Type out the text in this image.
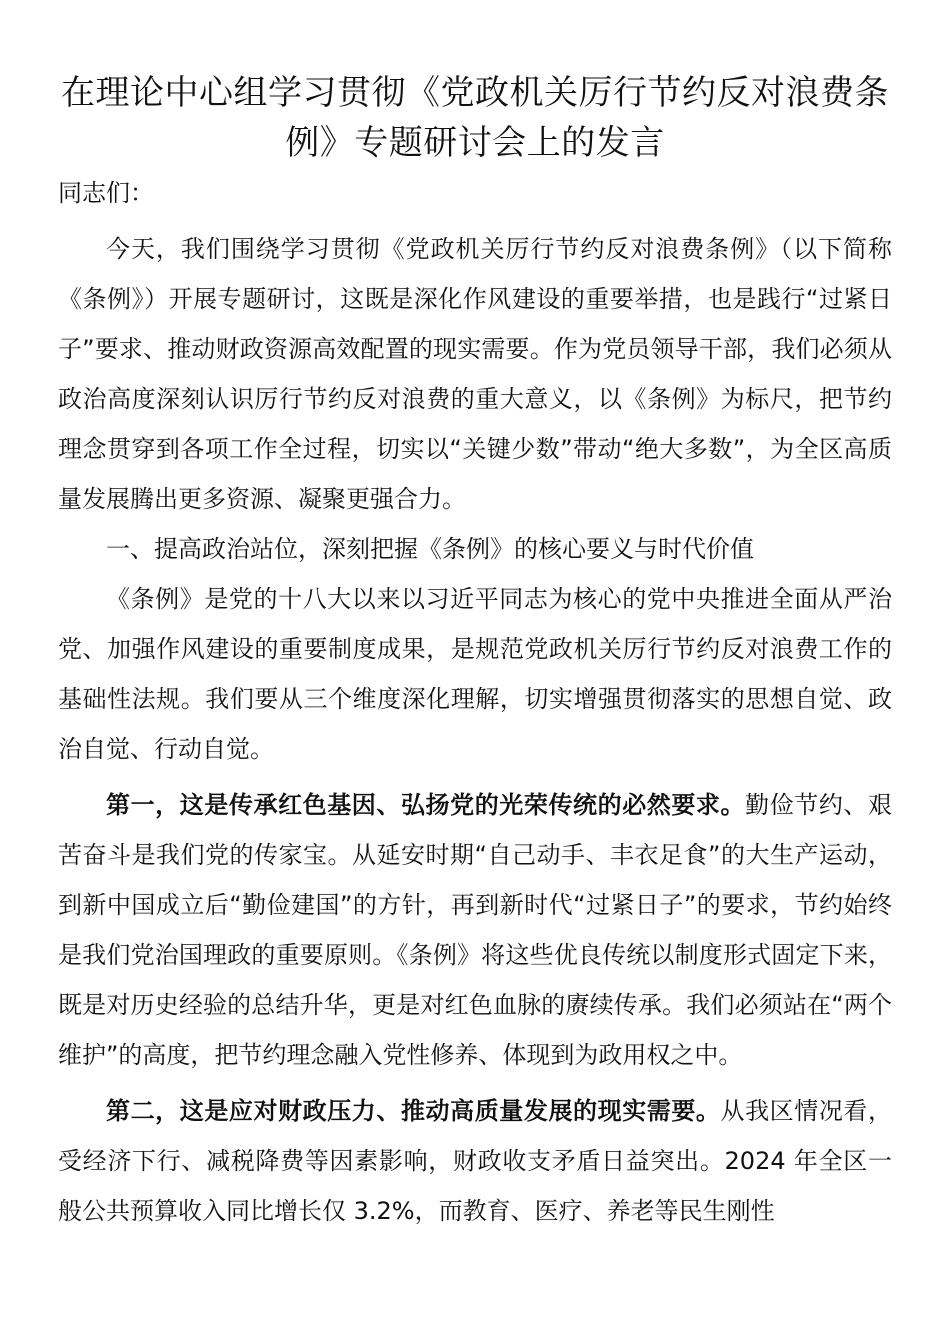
在理论中心组学习贯彻《党政机关厉行节约反对浪费条例》专题研讨会上的发言

同志们：

今天，我们围绕学习贯彻《党政机关厉行节约反对浪费条例》（以下简称《条例》）开展专题研讨，这既是深化作风建设的重要举措，也是践行“过紧日子”要求、推动财政资源高效配置的现实需要。作为党员领导干部，我们必须从政治高度深刻认识厉行节约反对浪费的重大意义，以《条例》为标尺，把节约理念贯穿到各项工作全过程，切实以“关键少数”带动“绝大多数”，为全区高质量发展腾出更多资源、凝聚更强合力。

一、提高政治站位，深刻把握《条例》的核心要义与时代价值

《条例》是党的十八大以来以习近平同志为核心的党中央推进全面从严治党、加强作风建设的重要制度成果，是规范党政机关厉行节约反对浪费工作的基础性法规。我们要从三个维度深化理解，切实增强贯彻落实的思想自觉、政治自觉、行动自觉。

第一，这是传承红色基因、弘扬党的光荣传统的必然要求。勤俭节约、艰苦奋斗是我们党的传家宝。从延安时期“自己动手、丰衣足食”的大生产运动，到新中国成立后“勤俭建国”的方针，再到新时代“过紧日子”的要求，节约始终是我们党治国理政的重要原则。《条例》将这些优良传统以制度形式固定下来，既是对历史经验的总结升华，更是对红色血脉的赓续传承。我们必须站在“两个维护”的高度，把节约理念融入党性修养、体现到为政用权之中。

第二，这是应对财政压力、推动高质量发展的现实需要。从我区情况看，受经济下行、减税降费等因素影响，财政收支矛盾日益突出。2024 年全区一般公共预算收入同比增长仅 3.2%，而教育、医疗、养老等民生刚性
